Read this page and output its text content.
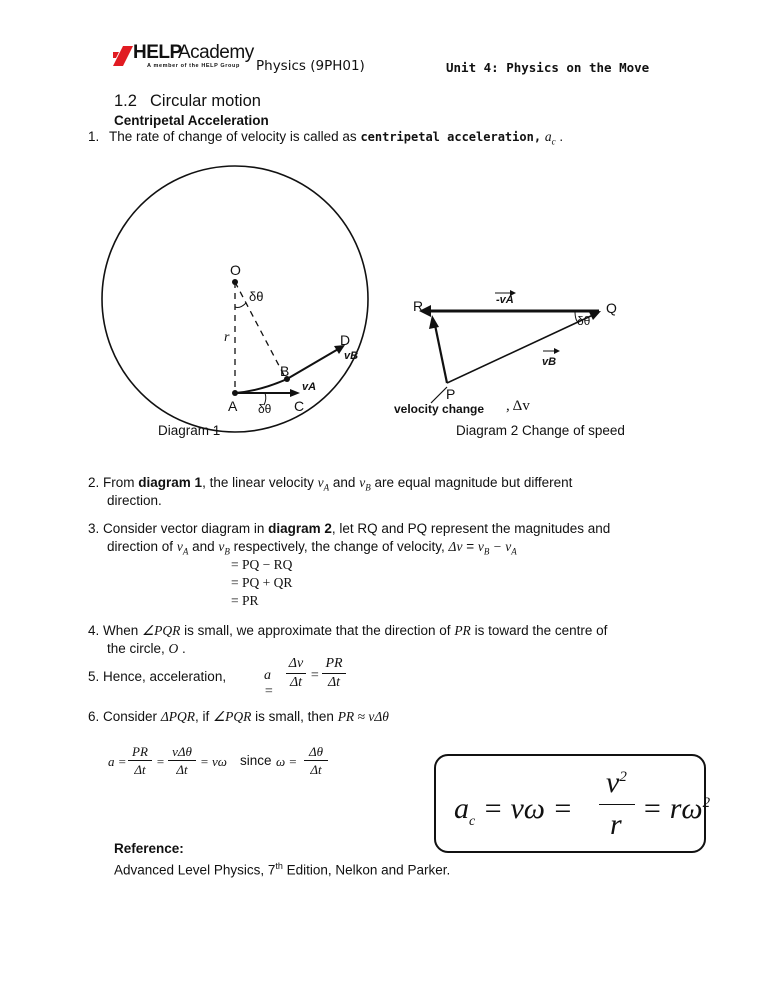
HELP
Academy
A member of the HELP Group Physics (9PH01)	Unit 4: Physics on the Move
1.2 Circular motion
Centripetal Acceleration
1. The rate of change of velocity is called as centripetal acceleration, $a_c$ .
O
δθ
r
B
D
vB
vA
A δθ C
Diagram 1
R	Q
-vA
δθ
vB
P
velocity change , Δv
Diagram 2 Change of speed
2. From diagram 1, the linear velocity $v_A$ and $v_B$ are equal magnitude but different
direction.
3. Consider vector diagram in diagram 2, let RQ and PQ represent the magnitudes and
direction of $v_A$ and $v_B$ respectively, the change of velocity, $\Delta v = v_B - v_A$
= PQ − RQ
= PQ + QR
= PR
4. When ∠PQR is small, we approximate that the direction of PR is toward the centre of
the circle, O .
5. Hence, acceleration,	a =
Δv
Δt =
PR
Δt
6. Consider ΔPQR, if ∠PQR is small, then PR ≈ vΔθ
a =
PR
Δt
=
vΔθ
Δt
= vω since ω =
Δθ
Δt
$a_c = v\omega$ =
$v^2$
$r = r\omega^2$
Reference:
Advanced Level Physics, 7th Edition, Nelkon and Parker.
